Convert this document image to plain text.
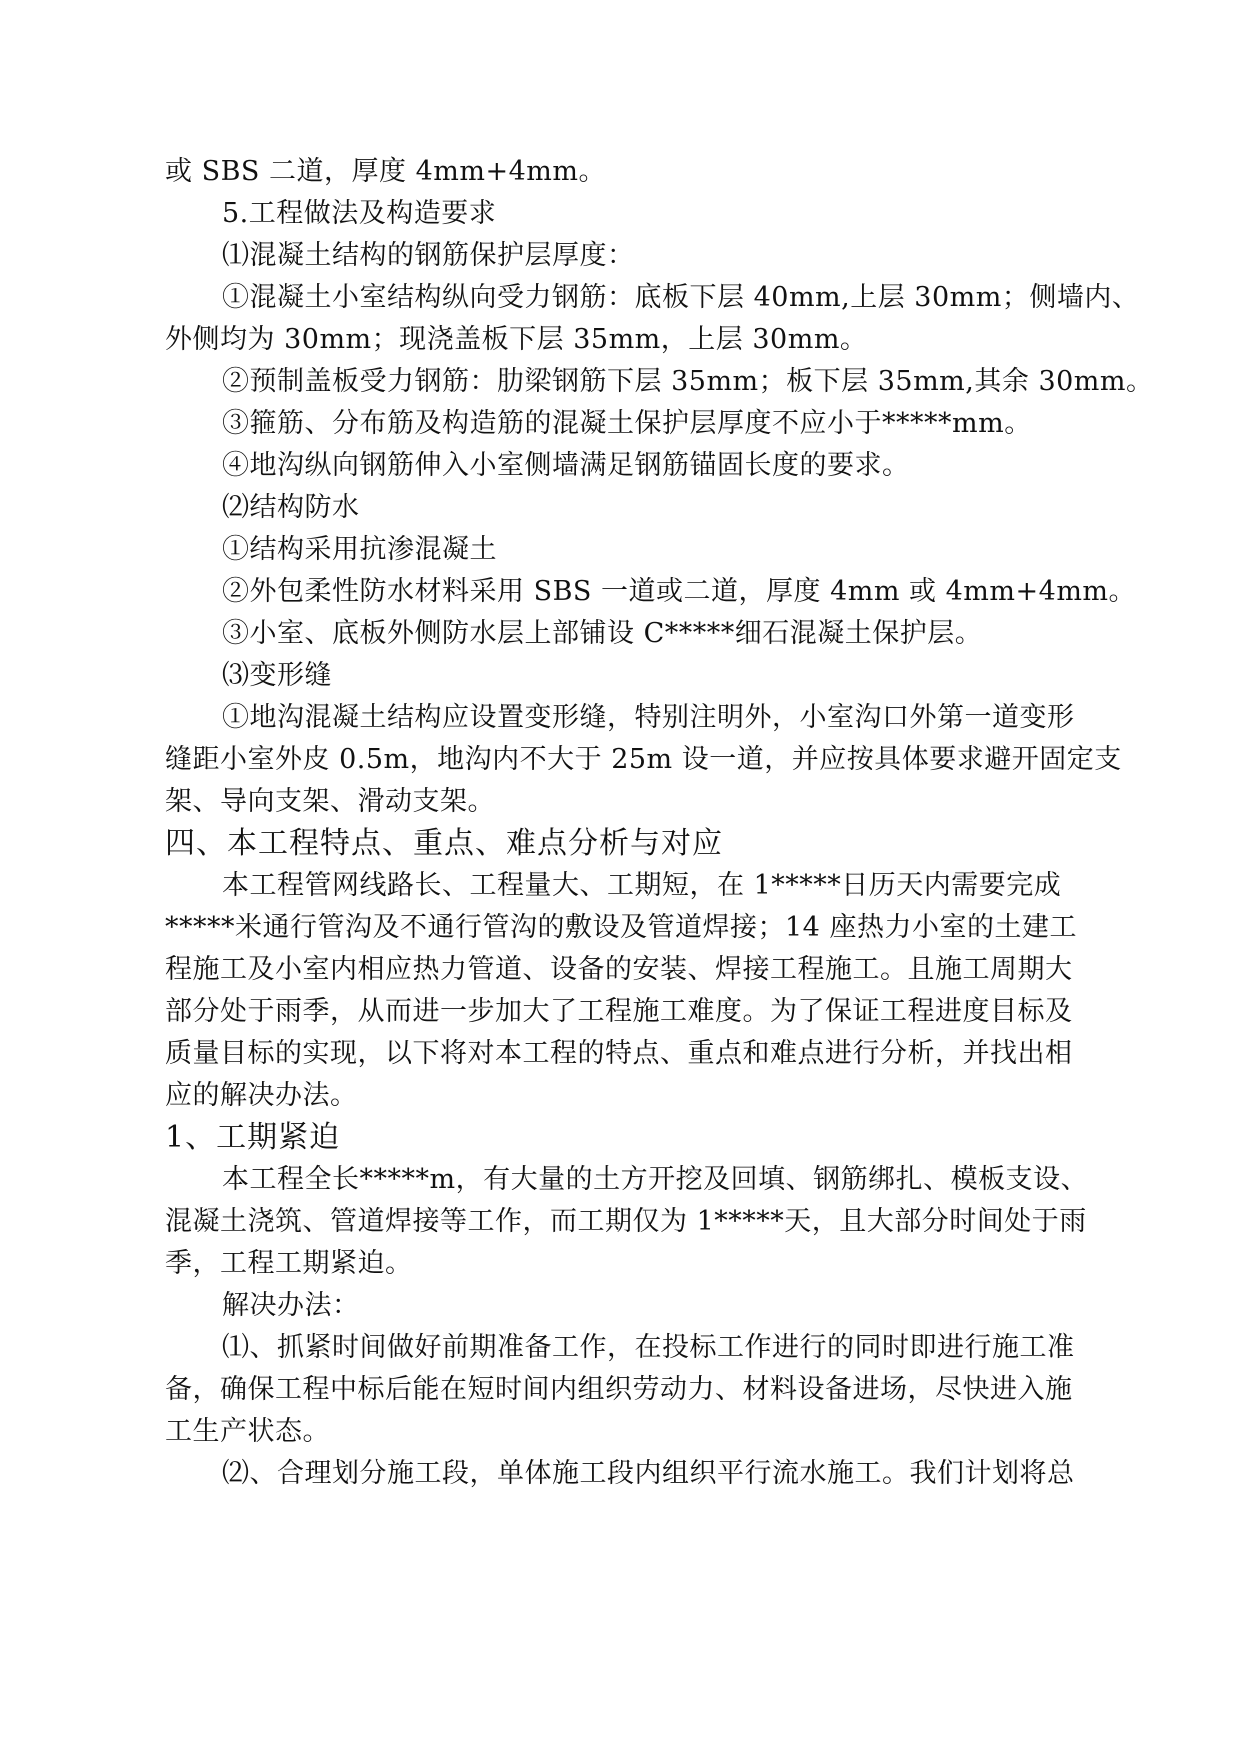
或 SBS 二道，厚度 4mm+4mm。

5.工程做法及构造要求

⑴混凝土结构的钢筋保护层厚度：

①混凝土小室结构纵向受力钢筋：底板下层 40mm,上层 30mm；侧墙内、

外侧均为 30mm；现浇盖板下层 35mm，上层 30mm。

②预制盖板受力钢筋：肋梁钢筋下层 35mm；板下层 35mm,其余 30mm。

③箍筋、分布筋及构造筋的混凝土保护层厚度不应小于*****mm。

④地沟纵向钢筋伸入小室侧墙满足钢筋锚固长度的要求。

⑵结构防水

①结构采用抗渗混凝土

②外包柔性防水材料采用 SBS 一道或二道，厚度 4mm 或 4mm+4mm。

③小室、底板外侧防水层上部铺设 C*****细石混凝土保护层。

⑶变形缝

①地沟混凝土结构应设置变形缝，特别注明外，小室沟口外第一道变形

缝距小室外皮 0.5m，地沟内不大于 25m 设一道，并应按具体要求避开固定支

架、导向支架、滑动支架。

四、本工程特点、重点、难点分析与对应

本工程管网线路长、工程量大、工期短，在 1*****日历天内需要完成

*****米通行管沟及不通行管沟的敷设及管道焊接；14 座热力小室的土建工

程施工及小室内相应热力管道、设备的安装、焊接工程施工。且施工周期大

部分处于雨季，从而进一步加大了工程施工难度。为了保证工程进度目标及

质量目标的实现，以下将对本工程的特点、重点和难点进行分析，并找出相

应的解决办法。

1、工期紧迫

本工程全长*****m，有大量的土方开挖及回填、钢筋绑扎、模板支设、

混凝土浇筑、管道焊接等工作，而工期仅为 1*****天，且大部分时间处于雨

季，工程工期紧迫。

解决办法：

⑴、抓紧时间做好前期准备工作，在投标工作进行的同时即进行施工准

备，确保工程中标后能在短时间内组织劳动力、材料设备进场，尽快进入施

工生产状态。

⑵、合理划分施工段，单体施工段内组织平行流水施工。我们计划将总
